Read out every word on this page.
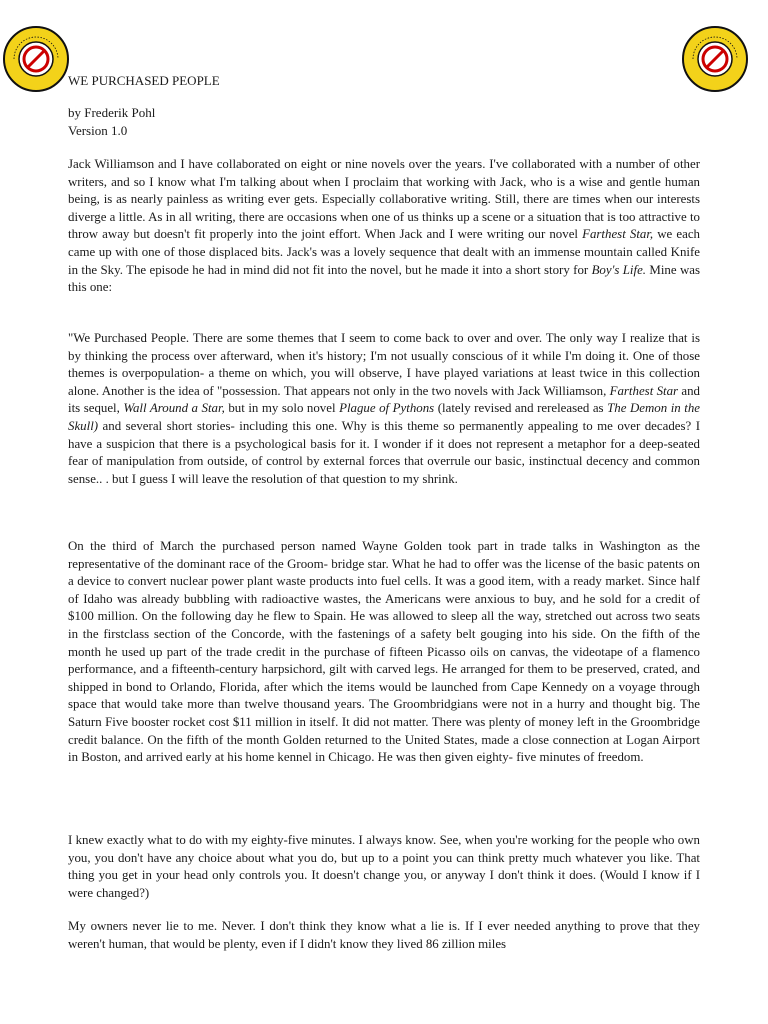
WE PURCHASED PEOPLE
by Frederik Pohl
Version 1.0

Jack Williamson and I have collaborated on eight or nine novels over the years. I've collaborated with a number of other writers, and so I know what I'm talking about when I proclaim that working with Jack, who is a wise and gentle human being, is as nearly painless as writing ever gets. Especially collaborative writing. Still, there are times when our interests diverge a little. As in all writing, there are occasions when one of us thinks up a scene or a situation that is too attractive to throw away but doesn't fit properly into the joint effort. When Jack and I were writing our novel Farthest Star, we each came up with one of those displaced bits. Jack's was a lovely sequence that dealt with an immense mountain called Knife in the Sky. The episode he had in mind did not fit into the novel, but he made it into a short story for Boy's Life. Mine was this one:

"We Purchased People. There are some themes that I seem to come back to over and over. The only way I realize that is by thinking the process over afterward, when it's history; I'm not usually conscious of it while I'm doing it. One of those themes is overpopulation- a theme on which, you will observe, I have played variations at least twice in this collection alone. Another is the idea of "possession. That appears not only in the two novels with Jack Williamson, Farthest Star and its sequel, Wall Around a Star, but in my solo novel Plague of Pythons (lately revised and rereleased as The Demon in the Skull) and several short stories- including this one. Why is this theme so permanently appealing to me over decades? I have a suspicion that there is a psychological basis for it. I wonder if it does not represent a metaphor for a deep-seated fear of manipulation from outside, of control by external forces that overrule our basic, instinctual decency and common sense.. . but I guess I will leave the resolution of that question to my shrink.

On the third of March the purchased person named Wayne Golden took part in trade talks in Washington as the representative of the dominant race of the Groom- bridge star. What he had to offer was the license of the basic patents on a device to convert nuclear power plant waste products into fuel cells. It was a good item, with a ready market. Since half of Idaho was already bubbling with radioactive wastes, the Americans were anxious to buy, and he sold for a credit of $100 million. On the following day he flew to Spain. He was allowed to sleep all the way, stretched out across two seats in the firstclass section of the Concorde, with the fastenings of a safety belt gouging into his side. On the fifth of the month he used up part of the trade credit in the purchase of fifteen Picasso oils on canvas, the videotape of a flamenco performance, and a fifteenth-century harpsichord, gilt with carved legs. He arranged for them to be preserved, crated, and shipped in bond to Orlando, Florida, after which the items would be launched from Cape Kennedy on a voyage through space that would take more than twelve thousand years. The Groombridgians were not in a hurry and thought big. The Saturn Five booster rocket cost $11 million in itself. It did not matter. There was plenty of money left in the Groombridge credit balance. On the fifth of the month Golden returned to the United States, made a close connection at Logan Airport in Boston, and arrived early at his home kennel in Chicago. He was then given eighty- five minutes of freedom.

I knew exactly what to do with my eighty-five minutes. I always know. See, when you're working for the people who own you, you don't have any choice about what you do, but up to a point you can think pretty much whatever you like. That thing you get in your head only controls you. It doesn't change you, or anyway I don't think it does. (Would I know if I were changed?)

My owners never lie to me. Never. I don't think they know what a lie is. If I ever needed anything to prove that they weren't human, that would be plenty, even if I didn't know they lived 86 zillion miles
